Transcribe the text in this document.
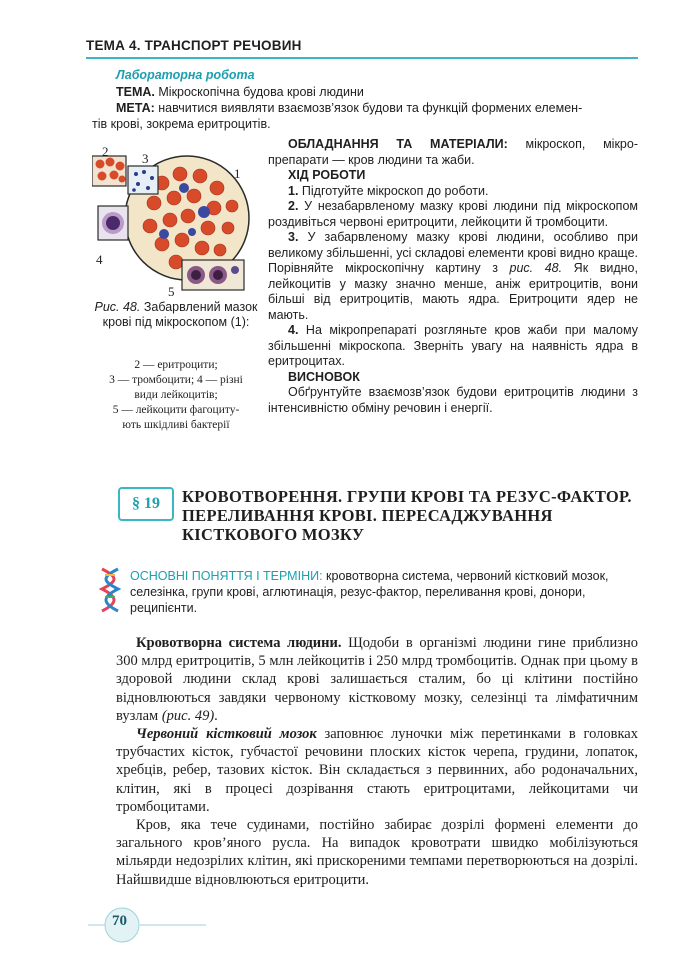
ТЕМА 4. ТРАНСПОРТ РЕЧОВИН
Лабораторна робота
ТЕМА. Мікроскопічна будова крові людини
МЕТА: навчитися виявляти взаємозв’язок будови та функцій формених елемен-
тів крові, зокрема еритроцитів.
2	3
1
4
5
Рис. 48. Забарвлений мазок крові під мікроскопом (1):
2 — еритроцити;
3 — тромбоцити; 4 — різні
види лейкоцитів;
5 — лейкоцити фагоциту-
ють шкідливі бактерії

ОБЛАДНАННЯ ТА МАТЕРІАЛИ: мікроскоп, мікро-препарати — кров людини та жаби.

ХІД РОБОТИ

1. Підготуйте мікроскоп до роботи.

2. У незабарвленому мазку крові людини під мікроскопом роздивіться червоні еритроцити, лейкоцити й тромбоцити.

3. У забарвленому мазку крові людини, особливо при великому збільшенні, усі складові елементи крові видно краще. Порівняйте мікроскопічну картину з рис. 48. Як видно, лейкоцитів у мазку значно менше, аніж еритроцитів, вони більші від еритроцитів, мають ядра. Еритроцити ядер не мають.

4. На мікропрепараті розгляньте кров жаби при малому збільшенні мікроскопа. Зверніть увагу на наявність ядра в еритроцитах.

ВИСНОВОК

Обґрунтуйте взаємозв’язок будови еритроцитів людини з інтенсивністю обміну речовин і енергії.

§ 19	КРОВОТВОРЕННЯ. ГРУПИ КРОВІ ТА РЕЗУС-ФАКТОР.
ПЕРЕЛИВАННЯ КРОВІ. ПЕРЕСАДЖУВАННЯ
КІСТКОВОГО МОЗКУ
ОСНОВНІ ПОНЯТТЯ І ТЕРМІНИ: кровотворна система, червоний кістковий мозок, селезінка, групи крові, аглютинація, резус-фактор, переливання крові, донори, реципієнти.

Кровотворна система людини. Щодоби в організмі людини гине приблизно 300 млрд еритроцитів, 5 млн лейкоцитів і 250 млрд тромбоцитів. Однак при цьому в здоровой людини склад крові залишається сталим, бо ці клітини постійно відновлюються завдяки червоному кістковому мозку, селезінці та лімфатичним вузлам (рис. 49).

Червоний кістковий мозок заповнює луночки між перетинками в головках трубчастих кісток, губчастої речовини плоских кісток черепа, грудини, лопаток, хребців, ребер, тазових кісток. Він складається з первинних, або родоначальних, клітин, які в процесі дозрівання стають еритроцитами, лейкоцитами чи тромбоцитами.

Кров, яка тече судинами, постійно забирає дозрілі формені елементи до загального кров’яного русла. На випадок кровотрати швидко мобілізуються мільярди недозрілих клітин, які прискореними темпами перетворюються на дозрілі. Найшвидше відновлюються еритроцити.

70
